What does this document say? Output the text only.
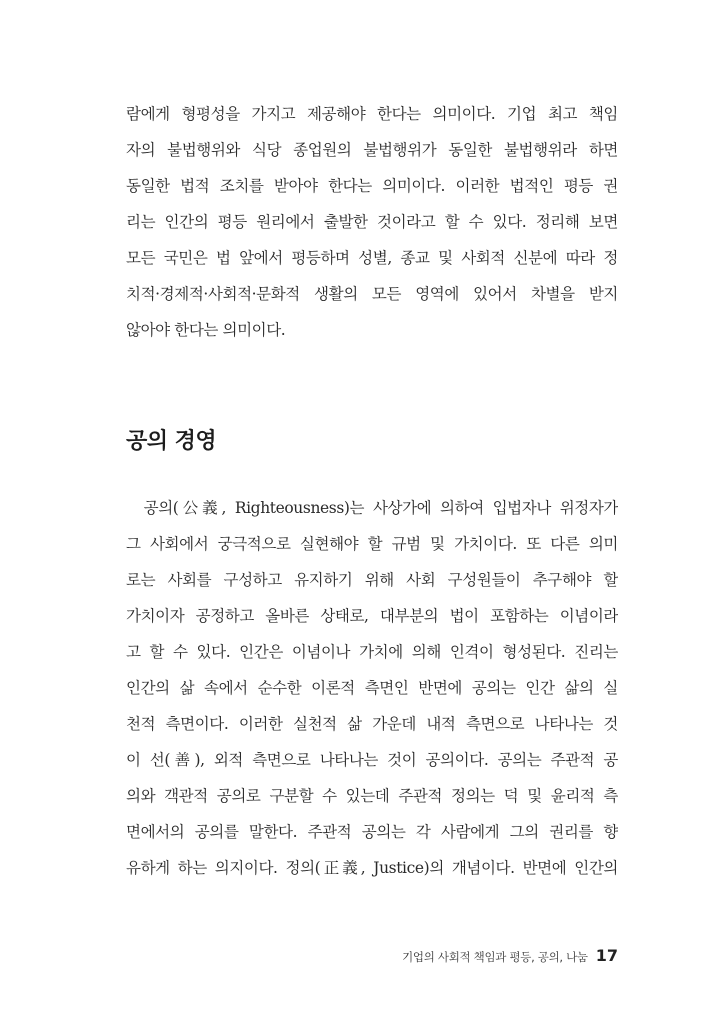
람에게 형평성을 가지고 제공해야 한다는 의미이다. 기업 최고 책임
자의 불법행위와 식당 종업원의 불법행위가 동일한 불법행위라 하면
동일한 법적 조치를 받아야 한다는 의미이다. 이러한 법적인 평등 권
리는 인간의 평등 원리에서 출발한 것이라고 할 수 있다. 정리해 보면
모든 국민은 법 앞에서 평등하며 성별, 종교 및 사회적 신분에 따라 정
치적·경제적·사회적·문화적 생활의 모든 영역에 있어서 차별을 받지
않아야 한다는 의미이다.
공의 경영
공의(公義, Righteousness)는 사상가에 의하여 입법자나 위정자가
그 사회에서 궁극적으로 실현해야 할 규범 및 가치이다. 또 다른 의미
로는 사회를 구성하고 유지하기 위해 사회 구성원들이 추구해야 할
가치이자 공정하고 올바른 상태로, 대부분의 법이 포함하는 이념이라
고 할 수 있다. 인간은 이념이나 가치에 의해 인격이 형성된다. 진리는
인간의 삶 속에서 순수한 이론적 측면인 반면에 공의는 인간 삶의 실
천적 측면이다. 이러한 실천적 삶 가운데 내적 측면으로 나타나는 것
이 선(善), 외적 측면으로 나타나는 것이 공의이다. 공의는 주관적 공
의와 객관적 공의로 구분할 수 있는데 주관적 정의는 덕 및 윤리적 측
면에서의 공의를 말한다. 주관적 공의는 각 사람에게 그의 권리를 향
유하게 하는 의지이다. 정의(正義, Justice)의 개념이다. 반면에 인간의
기업의 사회적 책임과 평등, 공의, 나눔 17
